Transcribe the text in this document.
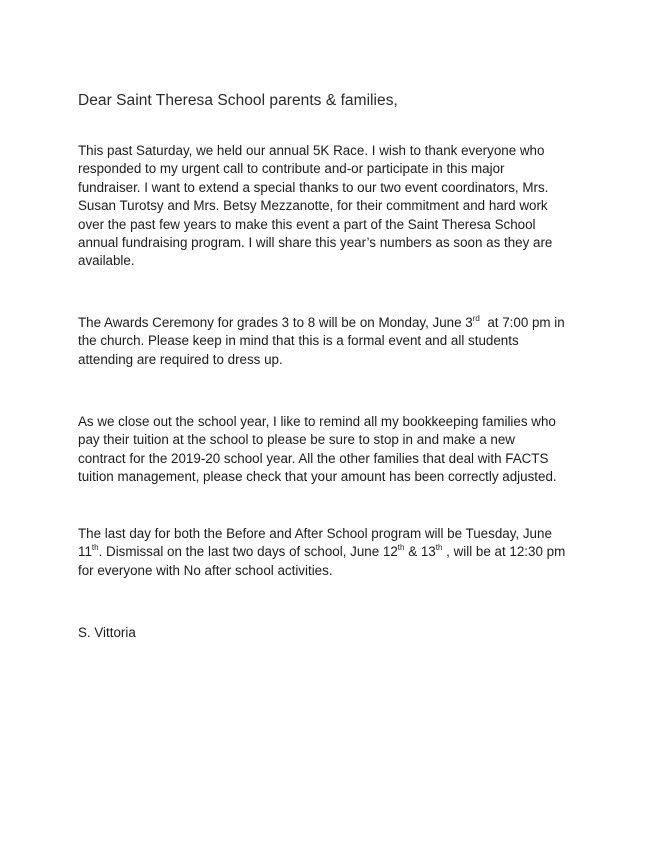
Dear Saint Theresa School parents & families,

This past Saturday, we held our annual 5K Race. I wish to thank everyone who
responded to my urgent call to contribute and-or participate in this major
fundraiser. I want to extend a special thanks to our two event coordinators, Mrs.
Susan Turotsy and Mrs. Betsy Mezzanotte, for their commitment and hard work
over the past few years to make this event a part of the Saint Theresa School
annual fundraising program. I will share this year’s numbers as soon as they are
available.

The Awards Ceremony for grades 3 to 8 will be on Monday, June 3rd  at 7:00 pm in
the church. Please keep in mind that this is a formal event and all students
attending are required to dress up.

As we close out the school year, I like to remind all my bookkeeping families who
pay their tuition at the school to please be sure to stop in and make a new
contract for the 2019-20 school year. All the other families that deal with FACTS
tuition management, please check that your amount has been correctly adjusted.

The last day for both the Before and After School program will be Tuesday, June
11th. Dismissal on the last two days of school, June 12th & 13th , will be at 12:30 pm
for everyone with No after school activities.

S. Vittoria
